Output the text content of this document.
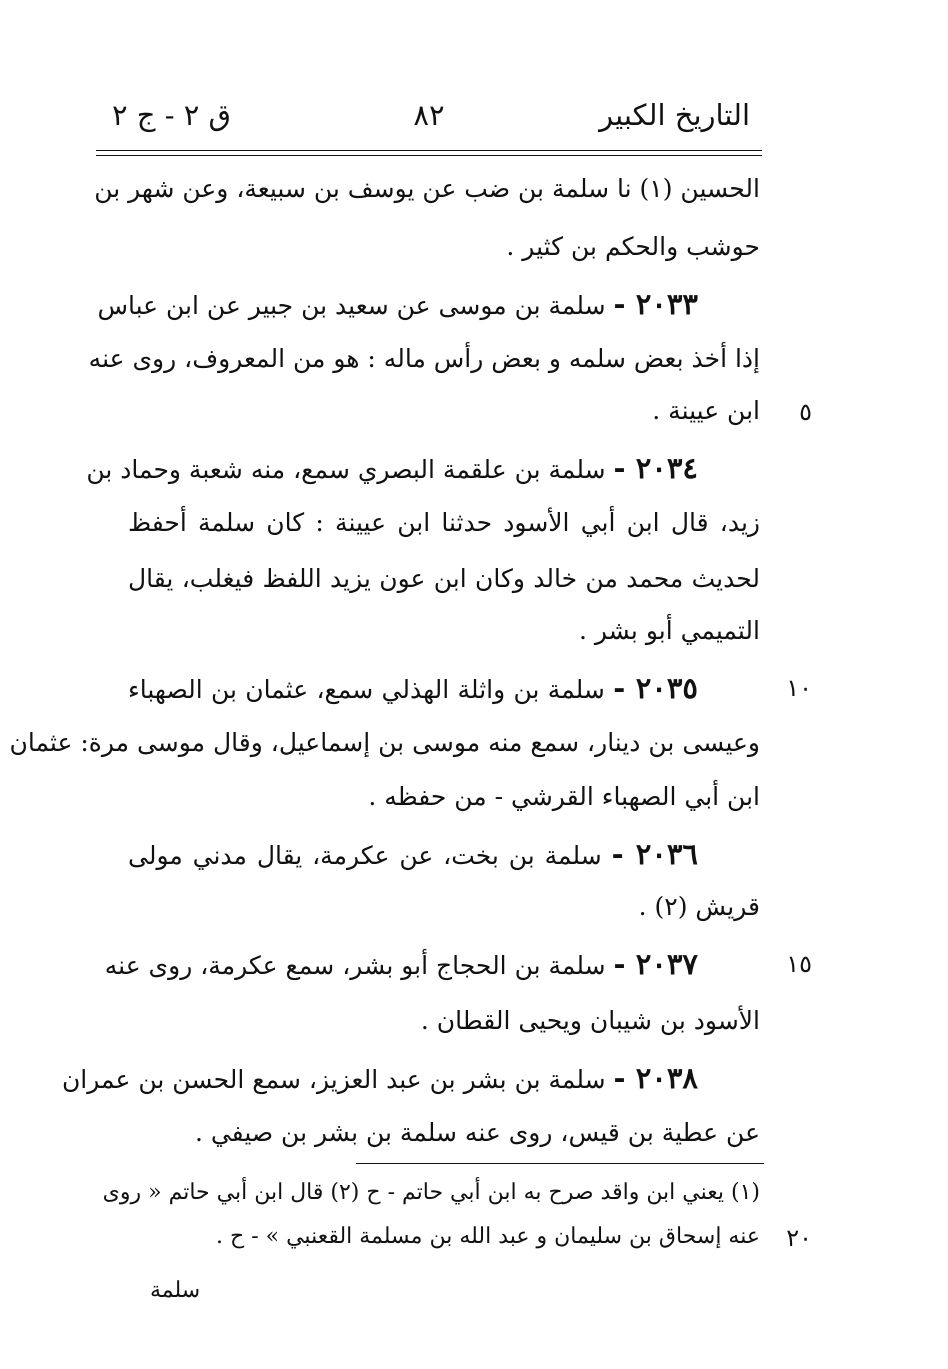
التاريخ الكبير
٨٢
ق ٢ - ج ٢
الحسين (١) نا سلمة بن ضب عن يوسف بن سبيعة، وعن شهر بن
حوشب والحكم بن كثير .
٢٠٣٣ - سلمة بن موسى عن سعيد بن جبير عن ابن عباس
إذا أخذ بعض سلمه و بعض رأس ماله : هو من المعروف، روى عنه
ابن عيينة .	٥
٢٠٣٤ - سلمة بن علقمة البصري سمع، منه شعبة وحماد بن
زيد، قال ابن أبي الأسود حدثنا ابن عيينة : كان سلمة أحفظ
لحديث محمد من خالد وكان ابن عون يزيد اللفظ فيغلب، يقال
التميمي أبو بشر .
٢٠٣٥ - سلمة بن واثلة الهذلي سمع، عثمان بن الصهباء	١٠
وعيسى بن دينار، سمع منه موسى بن إسماعيل، وقال موسى مرة: عثمان
ابن أبي الصهباء القرشي - من حفظه .
٢٠٣٦ - سلمة بن بخت، عن عكرمة، يقال مدني مولى
قريش (٢) .
٢٠٣٧ - سلمة بن الحجاج أبو بشر، سمع عكرمة، روى عنه	١٥
الأسود بن شيبان ويحيى القطان .
٢٠٣٨ - سلمة بن بشر بن عبد العزيز، سمع الحسن بن عمران
عن عطية بن قيس، روى عنه سلمة بن بشر بن صيفي .
(١) يعني ابن واقد صرح به ابن أبي حاتم - ح (٢) قال ابن أبي حاتم « روى
عنه إسحاق بن سليمان و عبد الله بن مسلمة القعنبي » - ح .	٢٠
سلمة
